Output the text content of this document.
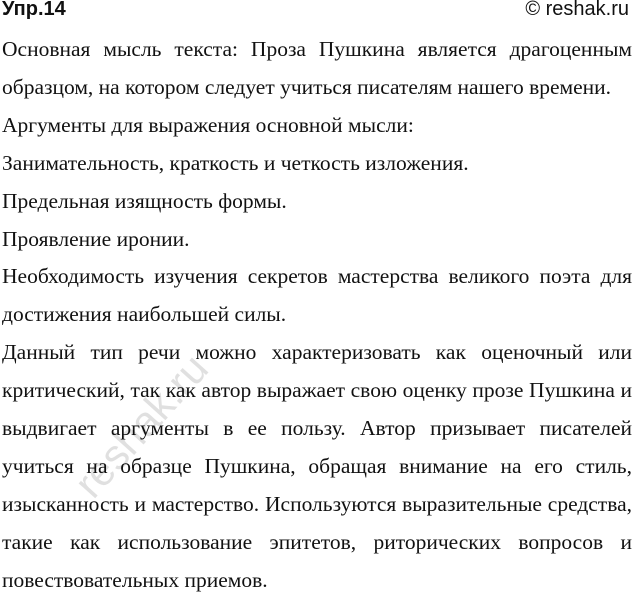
Упр.14	© reshak.ru

Основная мысль текста: Проза Пушкина является драгоценным образцом, на котором следует учиться писателям нашего времени.

Аргументы для выражения основной мысли:

Занимательность, краткость и четкость изложения.

Предельная изящность формы.

Проявление иронии.

Необходимость изучения секретов мастерства великого поэта для достижения наибольшей силы.

Данный тип речи можно характеризовать как оценочный или критический, так как автор выражает свою оценку прозе Пушкина и выдвигает аргументы в ее пользу. Автор призывает писателей учиться на образце Пушкина, обращая внимание на его стиль, изысканность и мастерство. Используются выразительные средства, такие как использование эпитетов, риторических вопросов и повествовательных приемов.

reshak.ru
